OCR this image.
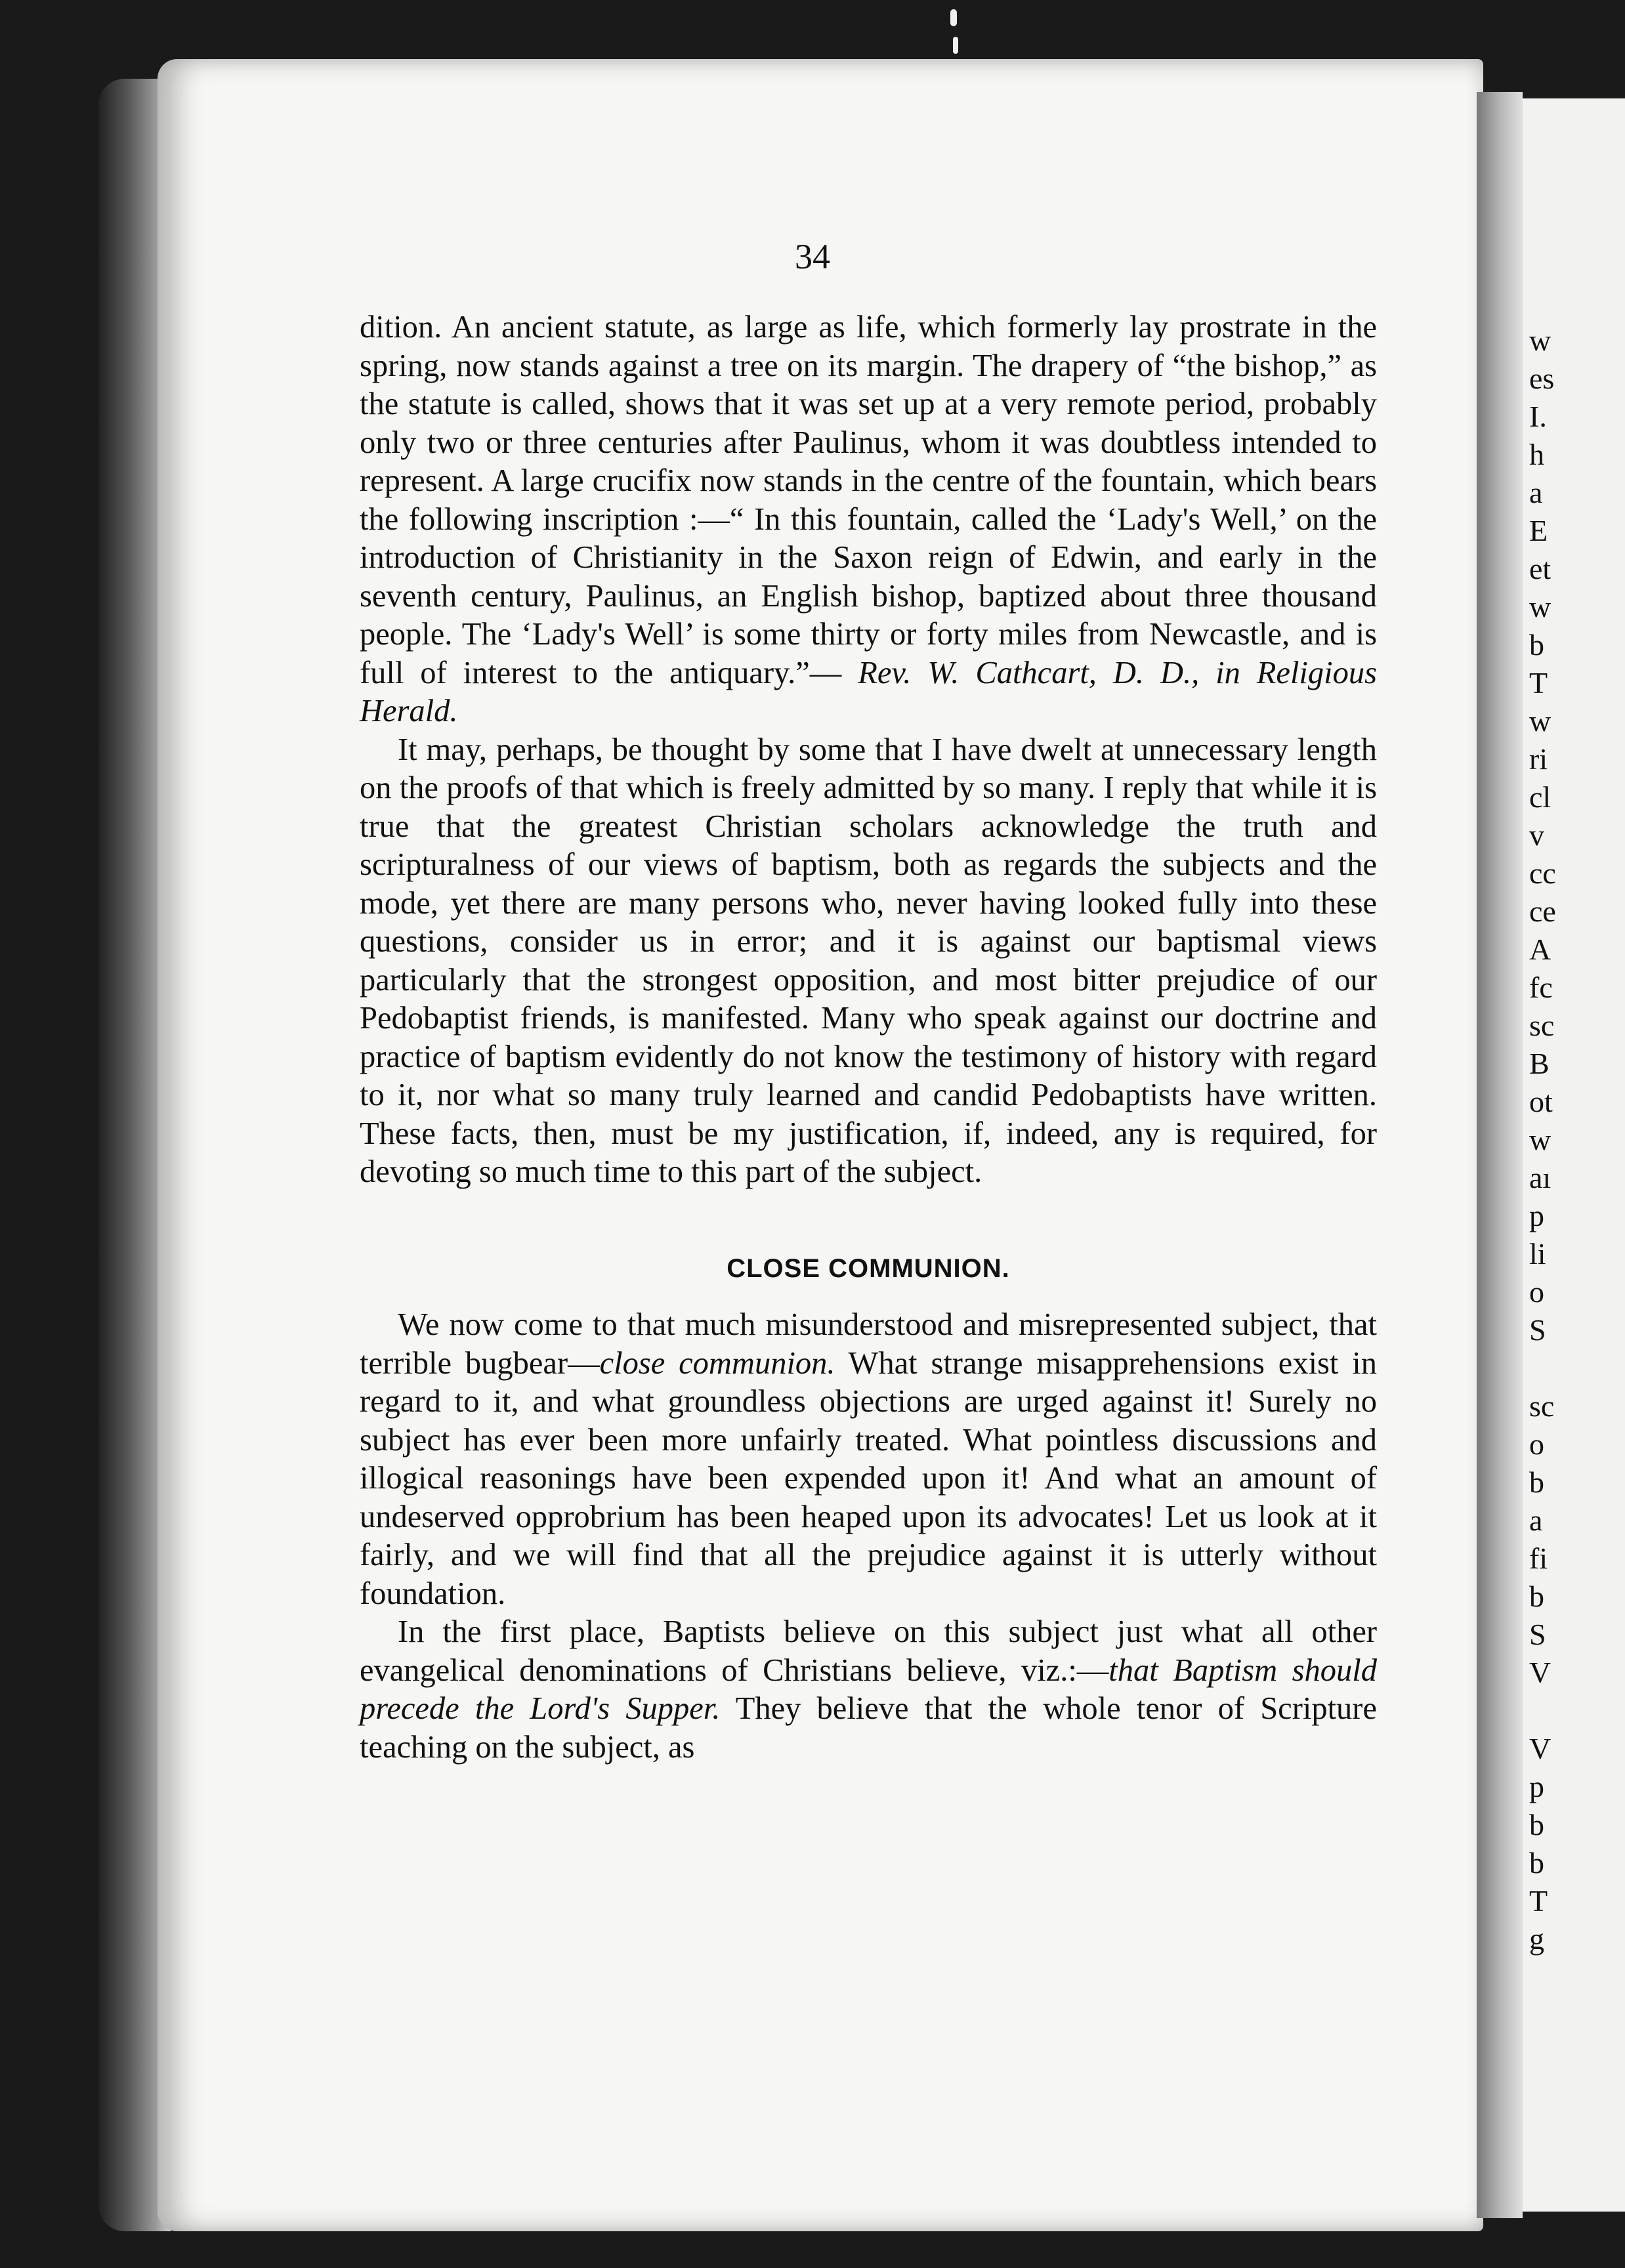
w
es
I.
h
a
E
et
w
b
T
w
ri
cl
v
cc
ce
A
fc
sc
B
ot
w
aı
p
li
o
S
sc
o
b
a
fi
b
S
V
V
p
b
b
T
g
34

dition. An ancient statute, as large as life, which formerly lay prostrate in the spring, now stands against a tree on its margin. The drapery of “the bishop,” as the statute is called, shows that it was set up at a very remote period, probably only two or three centuries after Paulinus, whom it was doubtless intended to represent. A large crucifix now stands in the centre of the fountain, which bears the following inscription :—“ In this fountain, called the ‘Lady's Well,’ on the introduction of Christianity in the Saxon reign of Edwin, and early in the seventh century, Paulinus, an English bishop, baptized about three thousand people. The ‘Lady's Well’ is some thirty or forty miles from Newcastle, and is full of interest to the antiquary.”— Rev. W. Cathcart, D. D., in Religious Herald.

It may, perhaps, be thought by some that I have dwelt at unnecessary length on the proofs of that which is freely admitted by so many. I reply that while it is true that the greatest Christian scholars acknowledge the truth and scripturalness of our views of baptism, both as regards the subjects and the mode, yet there are many persons who, never having looked fully into these questions, consider us in error; and it is against our baptismal views particularly that the strongest opposition, and most bitter prejudice of our Pedobaptist friends, is manifested. Many who speak against our doctrine and practice of baptism evidently do not know the testimony of history with regard to it, nor what so many truly learned and candid Pedobaptists have written. These facts, then, must be my justification, if, indeed, any is required, for devoting so much time to this part of the subject.

CLOSE COMMUNION.

We now come to that much misunderstood and misrepresented subject, that terrible bugbear—close communion. What strange misapprehensions exist in regard to it, and what groundless objections are urged against it! Surely no subject has ever been more unfairly treated. What pointless discussions and illogical reasonings have been expended upon it! And what an amount of undeserved opprobrium has been heaped upon its advocates! Let us look at it fairly, and we will find that all the prejudice against it is utterly without foundation.

In the first place, Baptists believe on this subject just what all other evangelical denominations of Christians believe, viz.:—that Baptism should precede the Lord's Supper. They believe that the whole tenor of Scripture teaching on the subject, as
